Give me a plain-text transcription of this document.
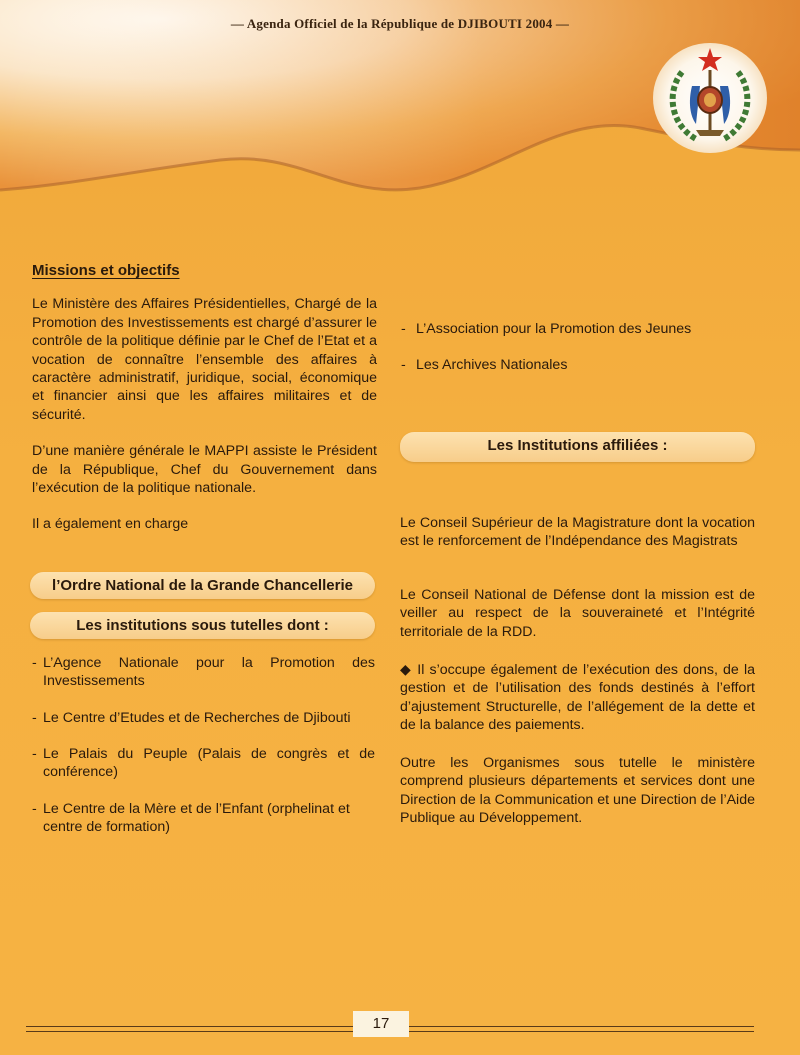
— Agenda Officiel de la République de DJIBOUTI 2004 —

Missions et objectifs

Le Ministère des Affaires Présidentielles, Chargé de la Promotion des Investissements est chargé d’assurer le contrôle de la politique définie par le Chef de l’Etat et a vocation de connaître l’ensemble des affaires à caractère administratif, juridique, social, économique et financier ainsi que les affaires militaires et de sécurité.

D’une manière générale le MAPPI assiste le Président de la République, Chef du Gouvernement dans l’exécution de la politique nationale.

Il a également en charge

l’Ordre National de la Grande Chancellerie
Les institutions sous tutelles dont :
- L’Agence Nationale pour la Promotion des Investissements
- Le Centre d’Etudes et de Recherches de Djibouti
- Le Palais du Peuple (Palais de congrès et de conférence)
- Le Centre de la Mère et de l’Enfant (orphelinat et centre de formation)
- L’Association pour la Promotion des Jeunes
- Les Archives Nationales
Les Institutions affiliées :
Le Conseil Supérieur de la Magistrature dont la vocation est le renforcement de l’Indépendance des Magistrats
Le Conseil National de Défense dont la mission est de veiller au respect de la souveraineté et l’Intégrité territoriale de la RDD.
◆ Il s’occupe également de l’exécution des dons, de la gestion et de l’utilisation des fonds destinés à l’effort d’ajustement Structurelle, de l’allégement de la dette et de la balance des paiements.
Outre les Organismes sous tutelle le ministère comprend plusieurs départements et services dont une Direction de la Communication et une Direction de l’Aide Publique au Développement.
17
